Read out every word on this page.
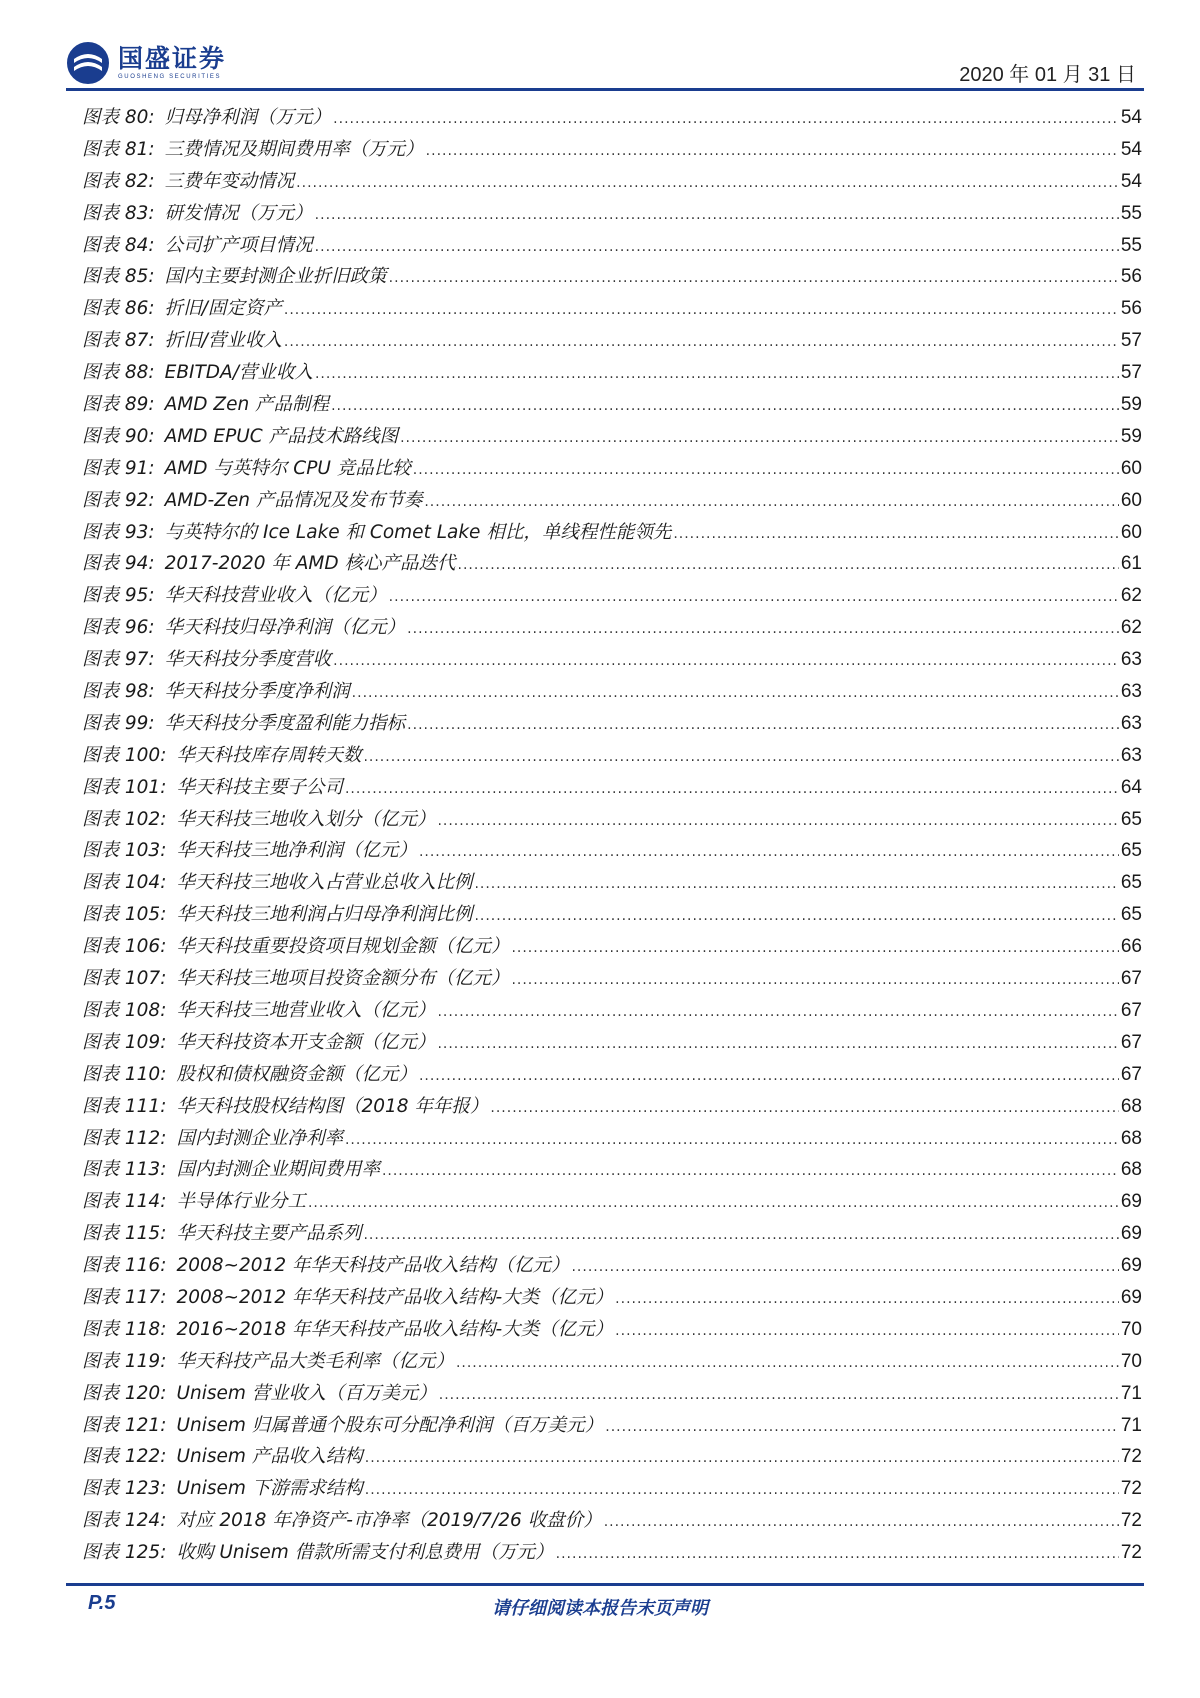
国盛证券
GUOSHENG SECURITIES	2020 年 01 月 31 日
图表 80: 归母净利润（万元） .....	54
图表 81: 三费情况及期间费用率（万元） .....	54
图表 82: 三费年变动情况 .....	54
图表 83: 研发情况（万元） .....	55
图表 84: 公司扩产项目情况 .....	55
图表 85: 国内主要封测企业折旧政策 .....	56
图表 86: 折旧/固定资产 .....	56
图表 87: 折旧/营业收入 .....	57
图表 88: EBITDA/营业收入 .....	57
图表 89: AMD Zen 产品制程 .....	59
图表 90: AMD EPUC 产品技术路线图 .....	59
图表 91: AMD 与英特尔 CPU 竞品比较 .....	60
图表 92: AMD-Zen 产品情况及发布节奏 .....	60
图表 93: 与英特尔的 Ice Lake 和 Comet Lake 相比，单线程性能领先 .....	60
图表 94: 2017-2020 年 AMD 核心产品迭代 .....	61
图表 95: 华天科技营业收入（亿元） .....	62
图表 96: 华天科技归母净利润（亿元） .....	62
图表 97: 华天科技分季度营收 .....	63
图表 98: 华天科技分季度净利润 .....	63
图表 99: 华天科技分季度盈利能力指标 .....	63
图表 100: 华天科技库存周转天数 .....	63
图表 101: 华天科技主要子公司 .....	64
图表 102: 华天科技三地收入划分（亿元） .....	65
图表 103: 华天科技三地净利润（亿元） .....	65
图表 104: 华天科技三地收入占营业总收入比例 .....	65
图表 105: 华天科技三地利润占归母净利润比例 .....	65
图表 106: 华天科技重要投资项目规划金额（亿元） .....	66
图表 107: 华天科技三地项目投资金额分布（亿元） .....	67
图表 108: 华天科技三地营业收入（亿元） .....	67
图表 109: 华天科技资本开支金额（亿元） .....	67
图表 110: 股权和债权融资金额（亿元） .....	67
图表 111: 华天科技股权结构图（2018 年年报） .....	68
图表 112: 国内封测企业净利率 .....	68
图表 113: 国内封测企业期间费用率 .....	68
图表 114: 半导体行业分工 .....	69
图表 115: 华天科技主要产品系列 .....	69
图表 116: 2008~2012 年华天科技产品收入结构（亿元） .....	69
图表 117: 2008~2012 年华天科技产品收入结构-大类（亿元） .....	69
图表 118: 2016~2018 年华天科技产品收入结构-大类（亿元） .....	70
图表 119: 华天科技产品大类毛利率（亿元） .....	70
图表 120: Unisem 营业收入（百万美元） .....	71
图表 121: Unisem 归属普通个股东可分配净利润（百万美元） .....	71
图表 122: Unisem 产品收入结构 .....	72
图表 123: Unisem 下游需求结构 .....	72
图表 124: 对应 2018 年净资产-市净率（2019/7/26 收盘价） .....	72
图表 125: 收购 Unisem 借款所需支付利息费用（万元） .....	72
P.5	请仔细阅读本报告末页声明
